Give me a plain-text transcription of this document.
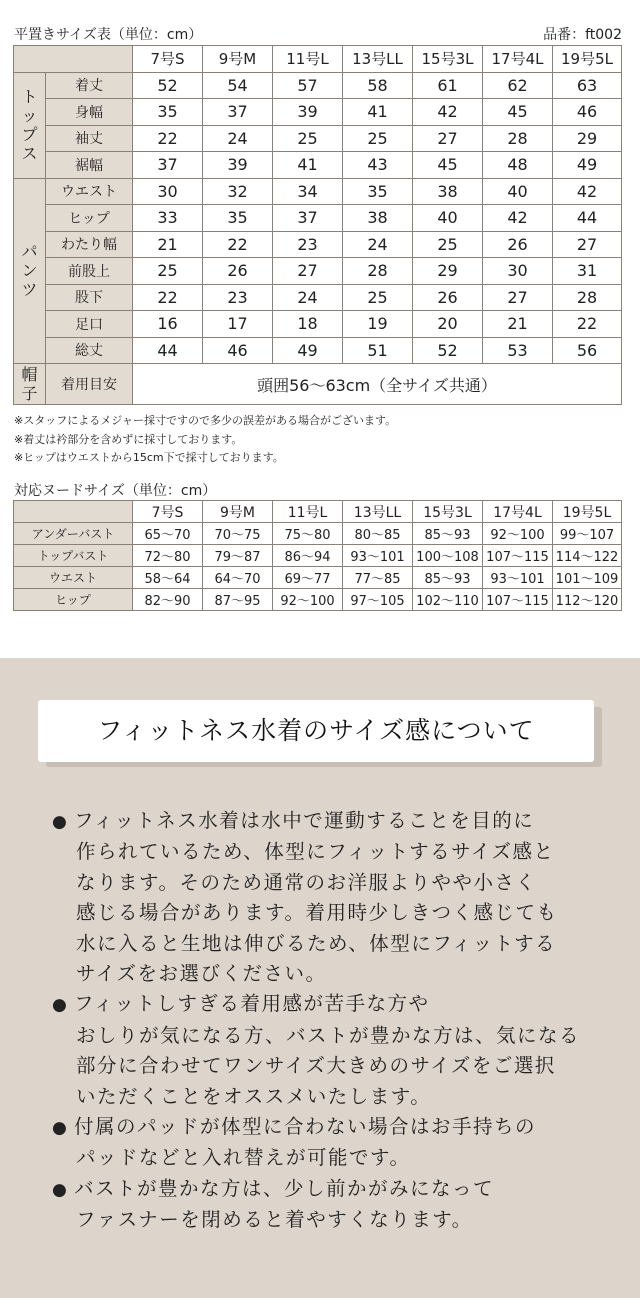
平置きサイズ表（単位：cm）	品番：ft002
		7号S	9号M	11号L	13号LL	15号3L	17号4L	19号5L
トップス	着丈	52	54	57	58	61	62	63
	身幅	35	37	39	41	42	45	46
	袖丈	22	24	25	25	27	28	29
	裾幅	37	39	41	43	45	48	49
パンツ	ウエスト	30	32	34	35	38	40	42
	ヒップ	33	35	37	38	40	42	44
	わたり幅	21	22	23	24	25	26	27
	前股上	25	26	27	28	29	30	31
	股下	22	23	24	25	26	27	28
	足口	16	17	18	19	20	21	22
	総丈	44	46	49	51	52	53	56
帽子	着用目安	頭囲56〜63cm（全サイズ共通）						
※スタッフによるメジャー採寸ですので多少の誤差がある場合がございます。
※着丈は衿部分を含めずに採寸しております。
※ヒップはウエストから15cm下で採寸しております。
対応ヌードサイズ（単位：cm）
	7号S	9号M	11号L	13号LL	15号3L	17号4L	19号5L
アンダーバスト	65〜70	70〜75	75〜80	80〜85	85〜93	92〜100	99〜107
トップバスト	72〜80	79〜87	86〜94	93〜101	100〜108	107〜115	114〜122
ウエスト	58〜64	64〜70	69〜77	77〜85	85〜93	93〜101	101〜109
ヒップ	82〜90	87〜95	92〜100	97〜105	102〜110	107〜115	112〜120
フィットネス水着のサイズ感について

● フィットネス水着は水中で運動することを目的に
作られているため、体型にフィットするサイズ感と
なります。そのため通常のお洋服よりやや小さく
感じる場合があります。着用時少しきつく感じても
水に入ると生地は伸びるため、体型にフィットする
サイズをお選びください。

● フィットしすぎる着用感が苦手な方や
おしりが気になる方、バストが豊かな方は、気になる
部分に合わせてワンサイズ大きめのサイズをご選択
いただくことをオススメいたします。

● 付属のパッドが体型に合わない場合はお手持ちの
パッドなどと入れ替えが可能です。

● バストが豊かな方は、少し前かがみになって
ファスナーを閉めると着やすくなります。
